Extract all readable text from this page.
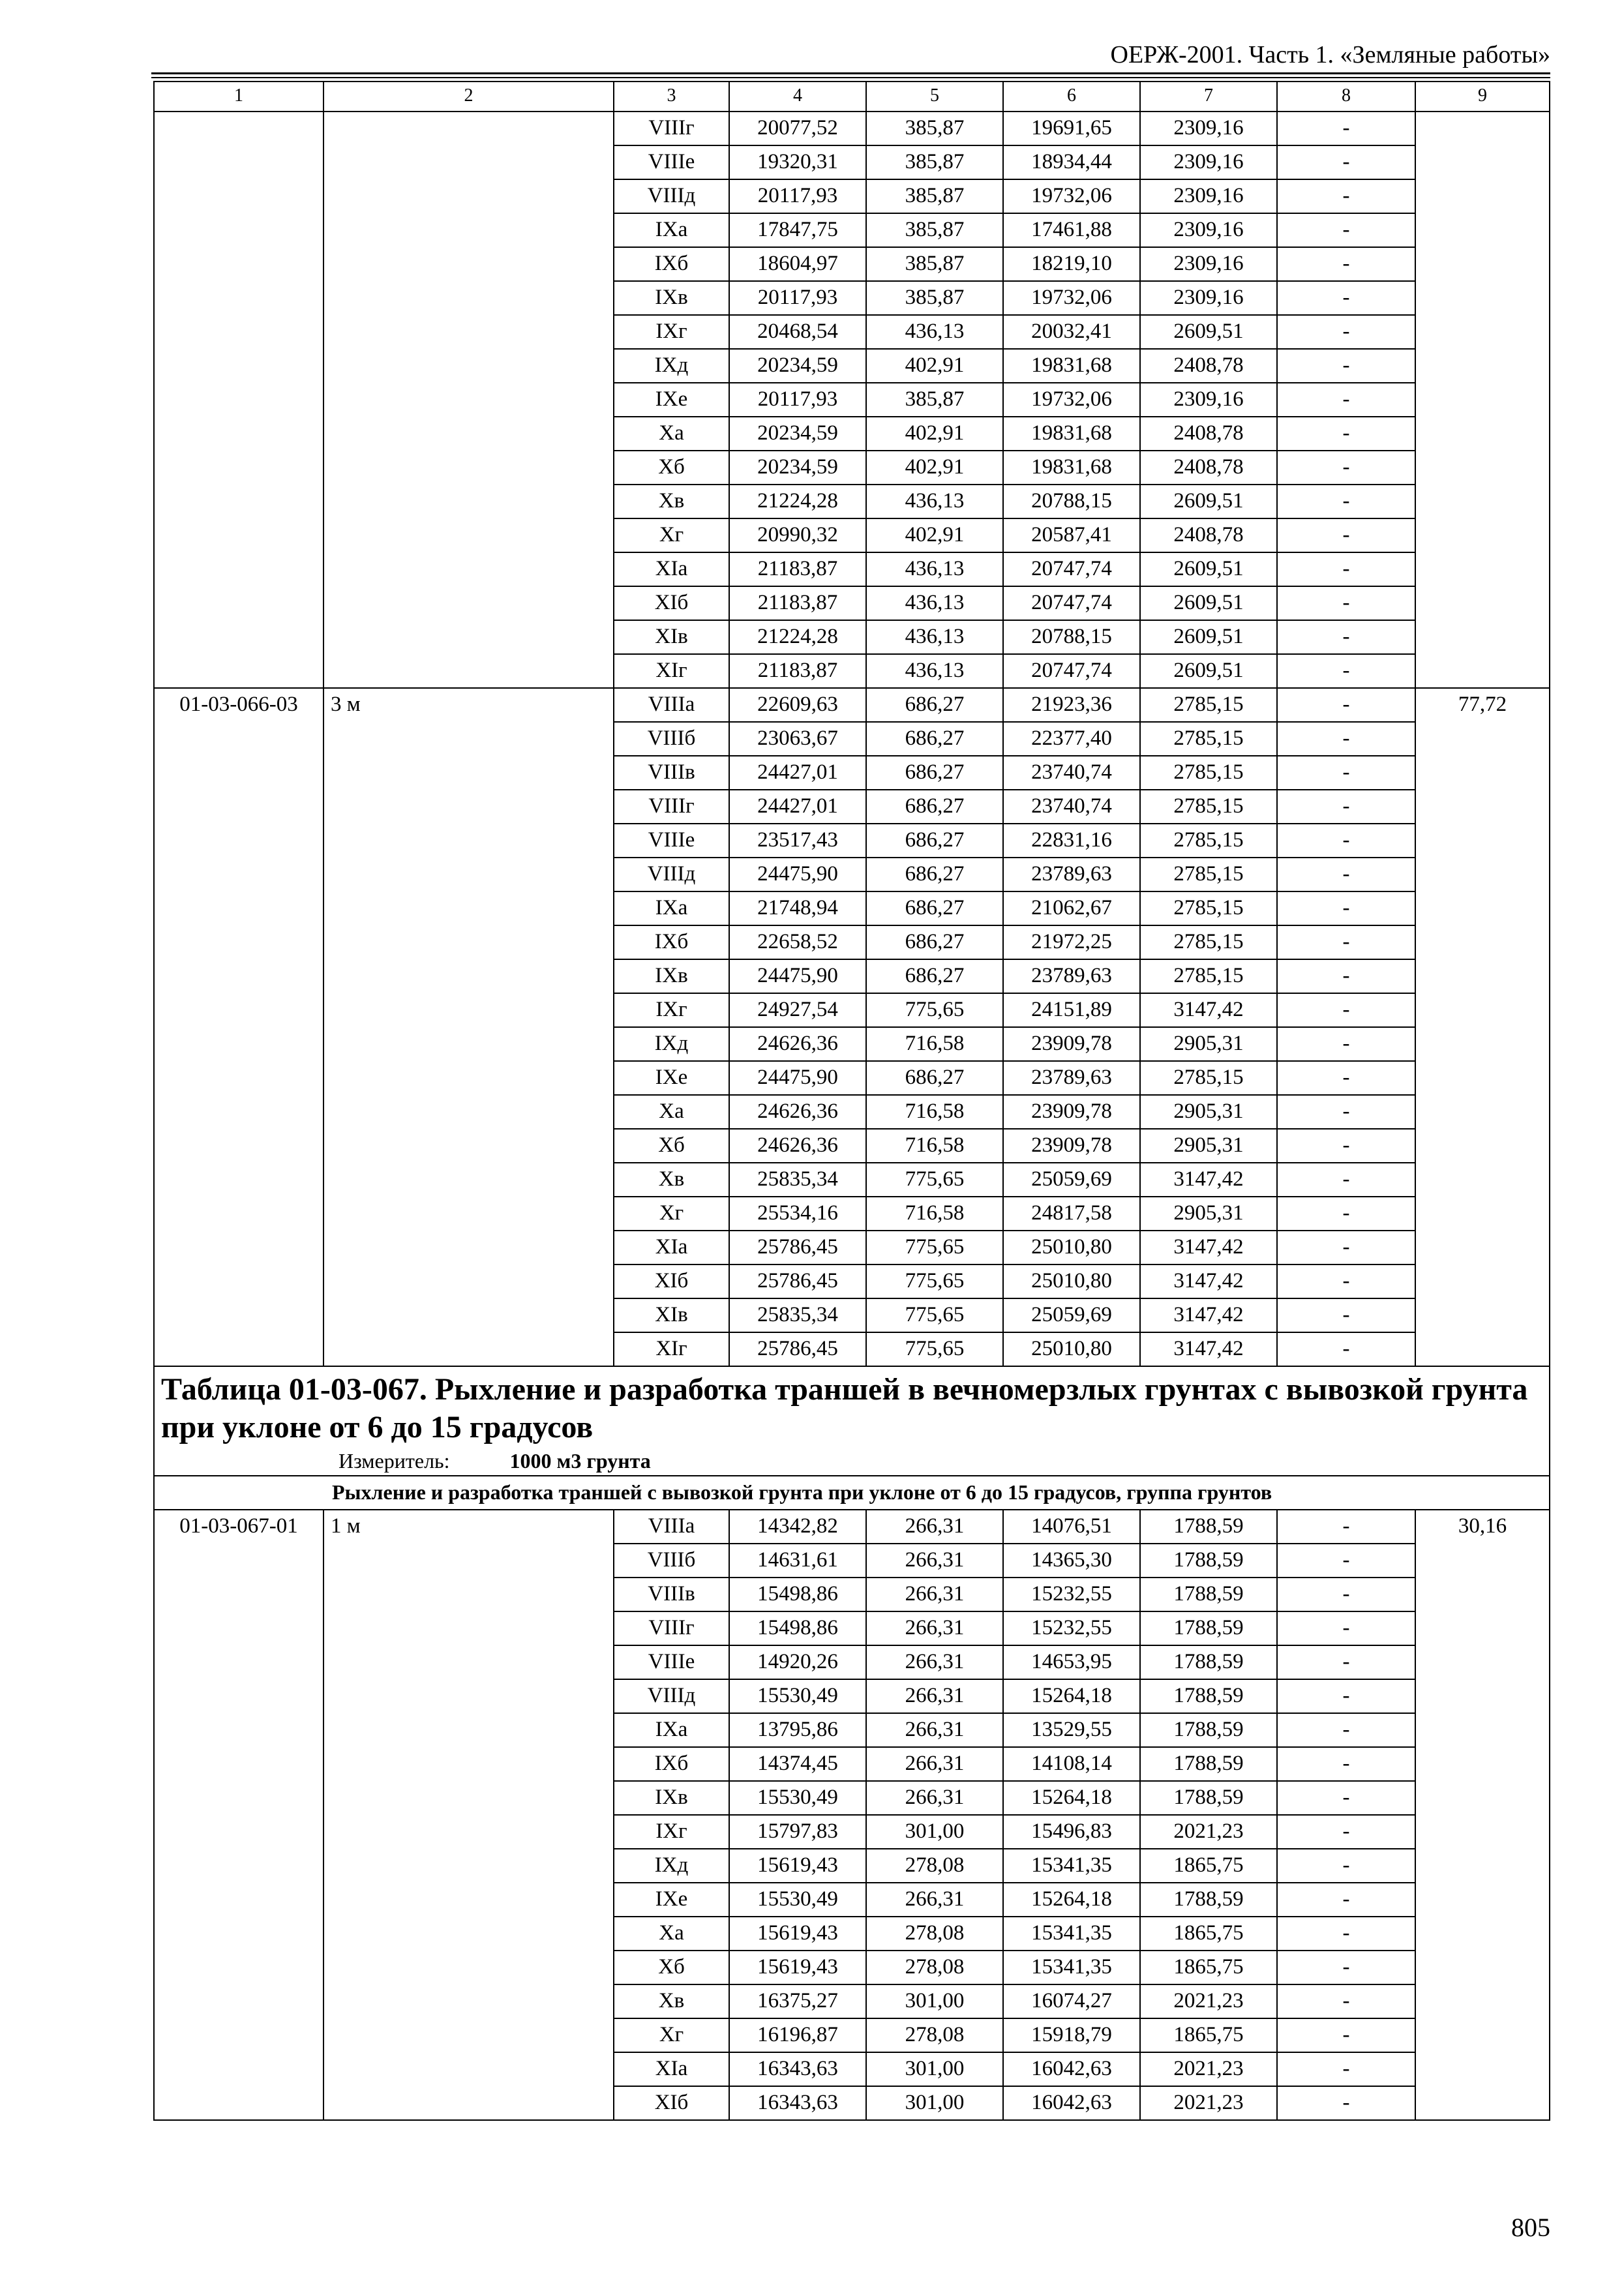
ОЕРЖ-2001. Часть 1. «Земляные работы»
1	2	3	4	5	6	7	8	9
		VIIIг	20077,52	385,87	19691,65	2309,16	-	
		VIIIе	19320,31	385,87	18934,44	2309,16	-	
		VIIIд	20117,93	385,87	19732,06	2309,16	-	
		IXа	17847,75	385,87	17461,88	2309,16	-	
		IXб	18604,97	385,87	18219,10	2309,16	-	
		IXв	20117,93	385,87	19732,06	2309,16	-	
		IXг	20468,54	436,13	20032,41	2609,51	-	
		IXд	20234,59	402,91	19831,68	2408,78	-	
		IXе	20117,93	385,87	19732,06	2309,16	-	
		Xа	20234,59	402,91	19831,68	2408,78	-	
		Xб	20234,59	402,91	19831,68	2408,78	-	
		Xв	21224,28	436,13	20788,15	2609,51	-	
		Xг	20990,32	402,91	20587,41	2408,78	-	
		XIа	21183,87	436,13	20747,74	2609,51	-	
		XIб	21183,87	436,13	20747,74	2609,51	-	
		XIв	21224,28	436,13	20788,15	2609,51	-	
		XIг	21183,87	436,13	20747,74	2609,51	-	
01-03-066-03	3 м	VIIIа	22609,63	686,27	21923,36	2785,15	-	77,72
		VIIIб	23063,67	686,27	22377,40	2785,15	-	
		VIIIв	24427,01	686,27	23740,74	2785,15	-	
		VIIIг	24427,01	686,27	23740,74	2785,15	-	
		VIIIе	23517,43	686,27	22831,16	2785,15	-	
		VIIIд	24475,90	686,27	23789,63	2785,15	-	
		IXа	21748,94	686,27	21062,67	2785,15	-	
		IXб	22658,52	686,27	21972,25	2785,15	-	
		IXв	24475,90	686,27	23789,63	2785,15	-	
		IXг	24927,54	775,65	24151,89	3147,42	-	
		IXд	24626,36	716,58	23909,78	2905,31	-	
		IXе	24475,90	686,27	23789,63	2785,15	-	
		Xа	24626,36	716,58	23909,78	2905,31	-	
		Xб	24626,36	716,58	23909,78	2905,31	-	
		Xв	25835,34	775,65	25059,69	3147,42	-	
		Xг	25534,16	716,58	24817,58	2905,31	-	
		XIа	25786,45	775,65	25010,80	3147,42	-	
		XIб	25786,45	775,65	25010,80	3147,42	-	
		XIв	25835,34	775,65	25059,69	3147,42	-	
		XIг	25786,45	775,65	25010,80	3147,42	-	

Таблица 01-03-067. Рыхление и разработка траншей в вечномерзлых грунтах с вывозкой грунта при уклоне от 6 до 15 градусов
Измеритель: 1000 м3 грунта								

Рыхление и разработка траншей с вывозкой грунта при уклоне от 6 до 15 градусов, группа грунтов								
01-03-067-01	1 м	VIIIа	14342,82	266,31	14076,51	1788,59	-	30,16
		VIIIб	14631,61	266,31	14365,30	1788,59	-	
		VIIIв	15498,86	266,31	15232,55	1788,59	-	
		VIIIг	15498,86	266,31	15232,55	1788,59	-	
		VIIIе	14920,26	266,31	14653,95	1788,59	-	
		VIIIд	15530,49	266,31	15264,18	1788,59	-	
		IXа	13795,86	266,31	13529,55	1788,59	-	
		IXб	14374,45	266,31	14108,14	1788,59	-	
		IXв	15530,49	266,31	15264,18	1788,59	-	
		IXг	15797,83	301,00	15496,83	2021,23	-	
		IXд	15619,43	278,08	15341,35	1865,75	-	
		IXе	15530,49	266,31	15264,18	1788,59	-	
		Xа	15619,43	278,08	15341,35	1865,75	-	
		Xб	15619,43	278,08	15341,35	1865,75	-	
		Xв	16375,27	301,00	16074,27	2021,23	-	
		Xг	16196,87	278,08	15918,79	1865,75	-	
		XIа	16343,63	301,00	16042,63	2021,23	-	
		XIб	16343,63	301,00	16042,63	2021,23	-	
805
